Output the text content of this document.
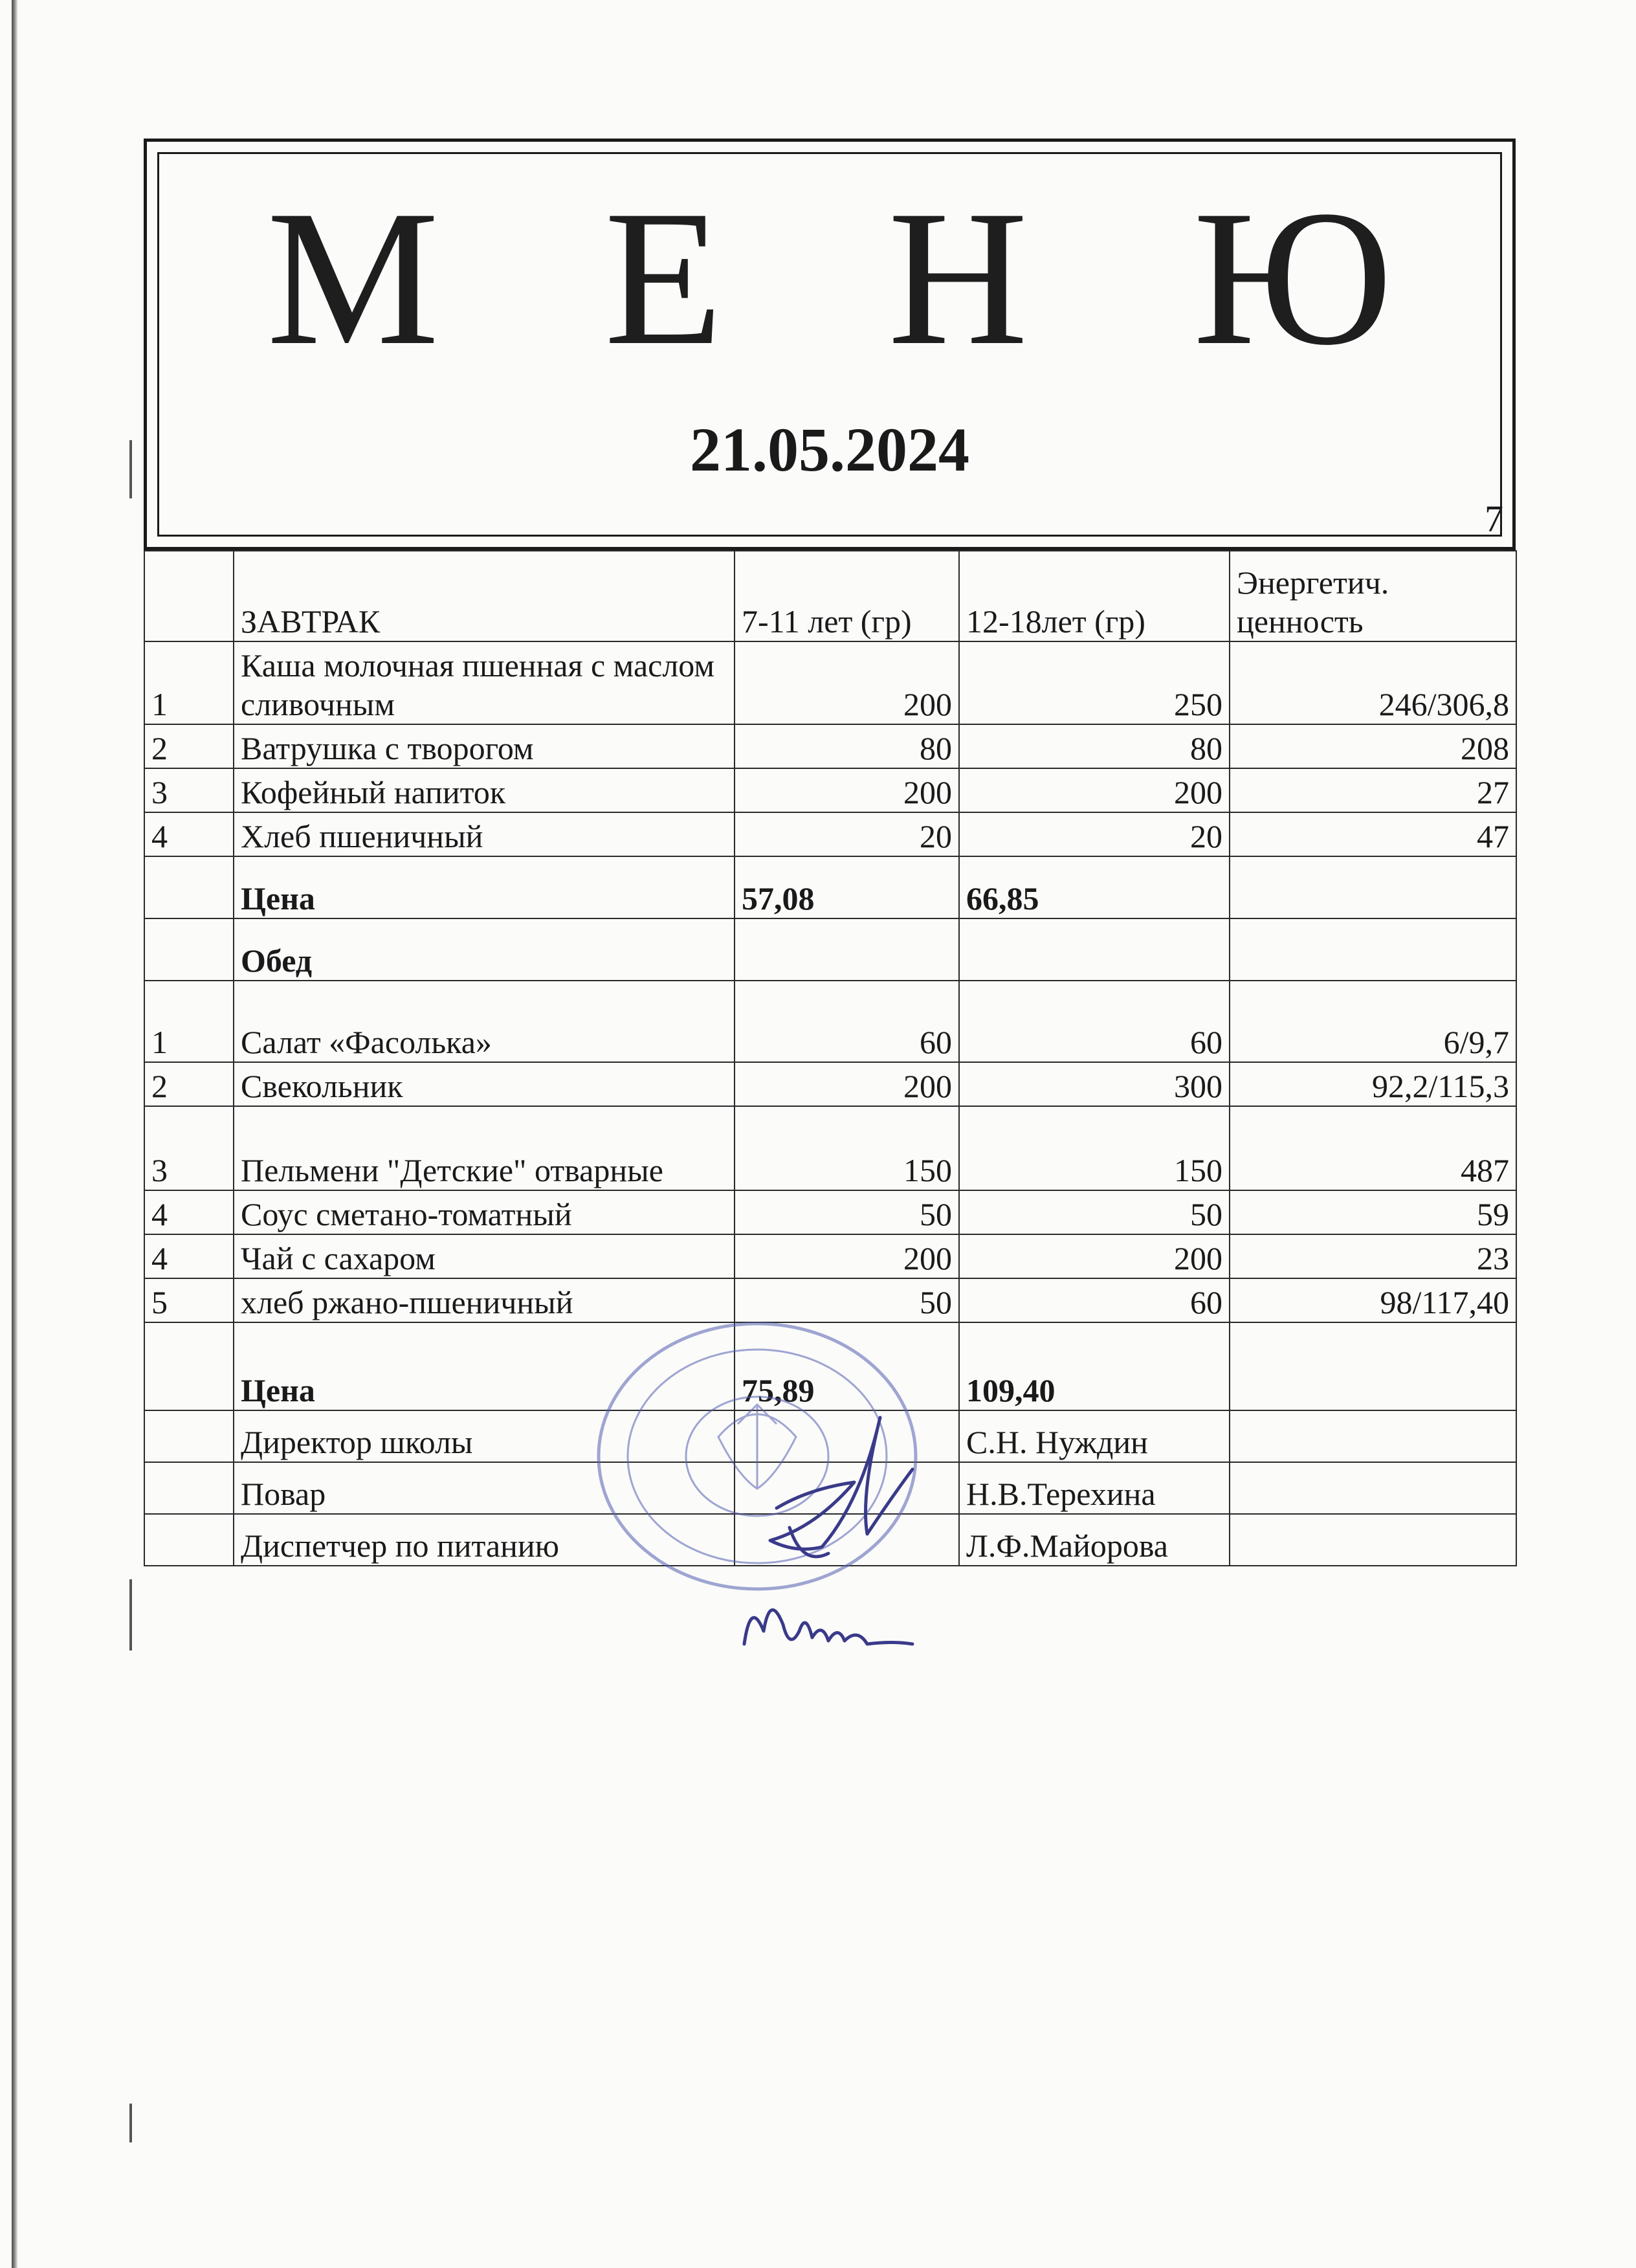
М Е Н Ю
21.05.2024
7
	ЗАВТРАК	7-11 лет (гр)	12-18лет (гр)	Энергетич. ценность
1	Каша молочная пшенная с маслом сливочным	200	250	246/306,8
2	Ватрушка с творогом	80	80	208
3	Кофейный напиток	200	200	27
4	Хлеб пшеничный	20	20	47
	Цена	57,08	66,85	
	Обед			
1	Салат «Фасолька»	60	60	6/9,7
2	Свекольник	200	300	92,2/115,3
3	Пельмени "Детские" отварные	150	150	487
4	Соус сметано-томатный	50	50	59
4	Чай с сахаром	200	200	23
5	хлеб ржано-пшеничный	50	60	98/117,40
	Цена	75,89	109,40	
	Директор школы		С.Н. Нуждин	
	Повар		Н.В.Терехина	
	Диспетчер по питанию		Л.Ф.Майорова	
